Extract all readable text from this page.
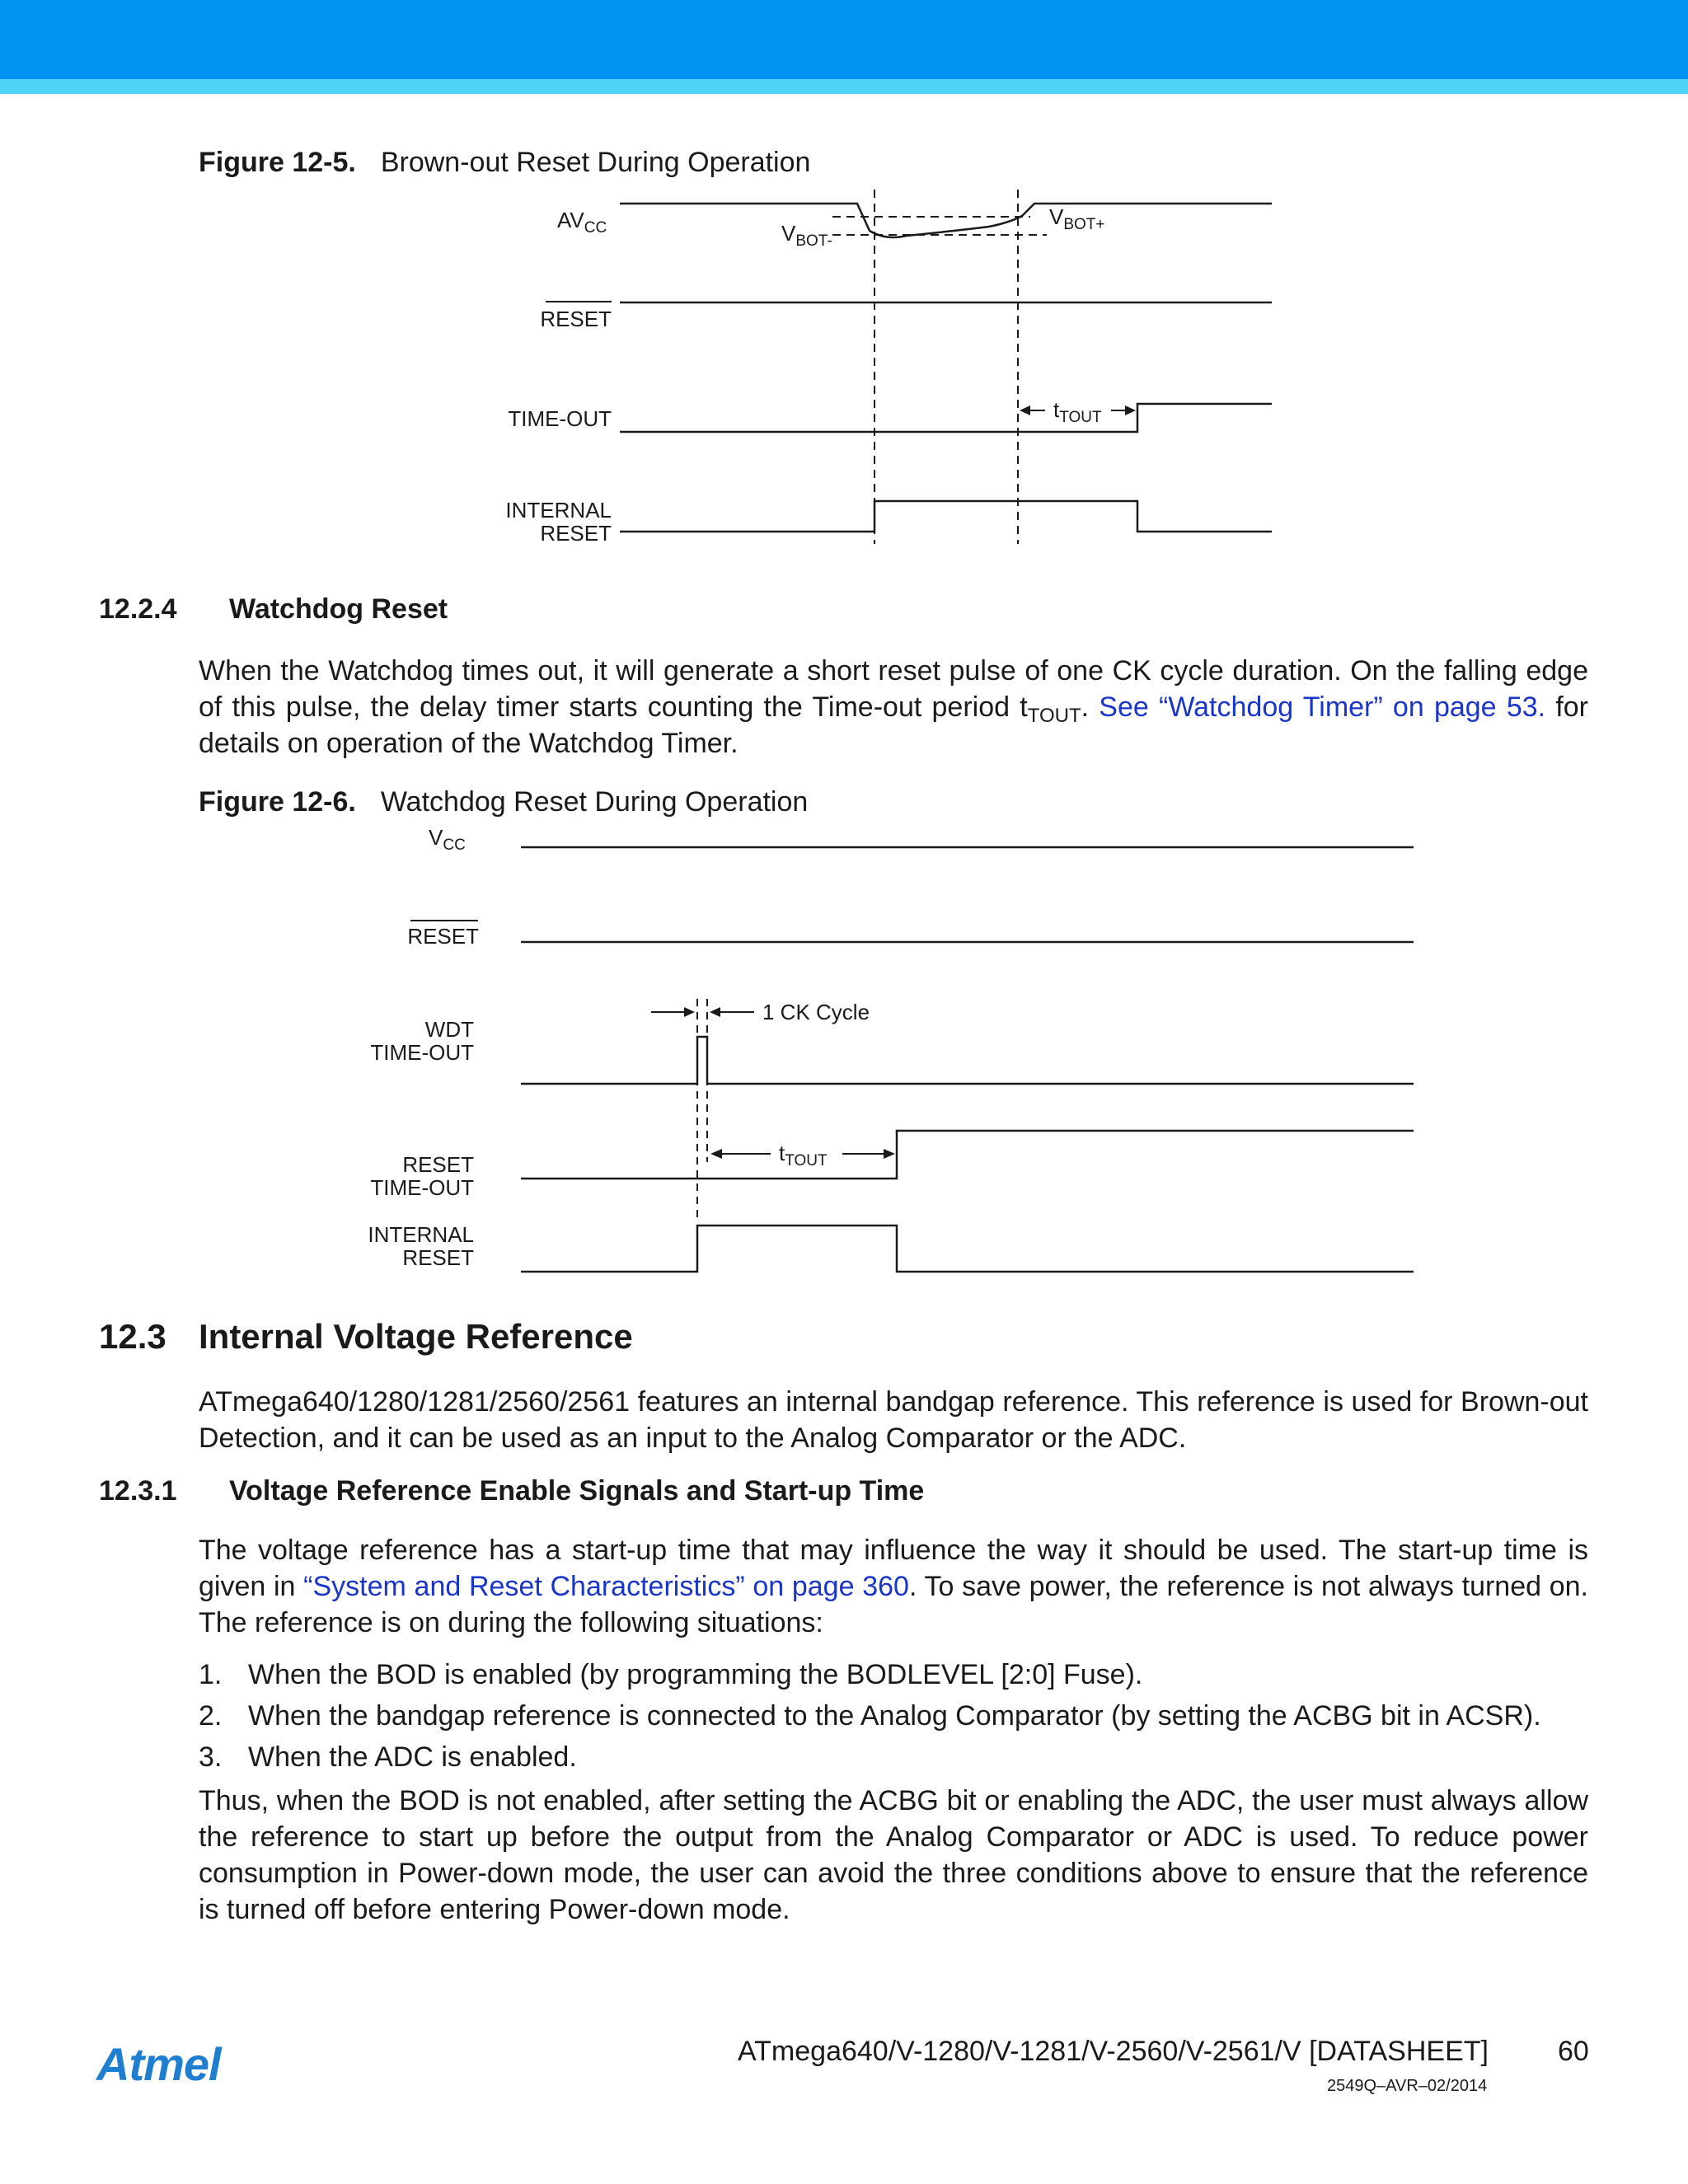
Figure 12-5. Brown-out Reset During Operation
$AV_{CC}$
RESET
TIME-OUT
INTERNAL
RESET
$V_{BOT-}$
$V_{BOT+}$
$t_{TOUT}$
12.2.4 Watchdog Reset
When the Watchdog times out, it will generate a short reset pulse of one CK cycle duration. On the falling edge of this pulse, the delay timer starts counting the Time-out period $t_{TOUT}$. See “Watchdog Timer” on page 53. for details on operation of the Watchdog Timer.
Figure 12-6. Watchdog Reset During Operation
$V_{CC}$
RESET
WDT
TIME-OUT
RESET
TIME-OUT
INTERNAL
RESET
1 CK Cycle
$t_{TOUT}$
12.3 Internal Voltage Reference
ATmega640/1280/1281/2560/2561 features an internal bandgap reference. This reference is used for Brown-out Detection, and it can be used as an input to the Analog Comparator or the ADC.
12.3.1 Voltage Reference Enable Signals and Start-up Time
The voltage reference has a start-up time that may influence the way it should be used. The start-up time is given in “System and Reset Characteristics” on page 360. To save power, the reference is not always turned on. The reference is on during the following situations:
1. When the BOD is enabled (by programming the BODLEVEL [2:0] Fuse).
2. When the bandgap reference is connected to the Analog Comparator (by setting the ACBG bit in ACSR).
3. When the ADC is enabled.
Thus, when the BOD is not enabled, after setting the ACBG bit or enabling the ADC, the user must always allow the reference to start up before the output from the Analog Comparator or ADC is used. To reduce power consumption in Power-down mode, the user can avoid the three conditions above to ensure that the reference is turned off before entering Power-down mode.
Atmel	ATmega640/V-1280/V-1281/V-2560/V-2561/V [DATASHEET] 60
2549Q–AVR–02/2014
